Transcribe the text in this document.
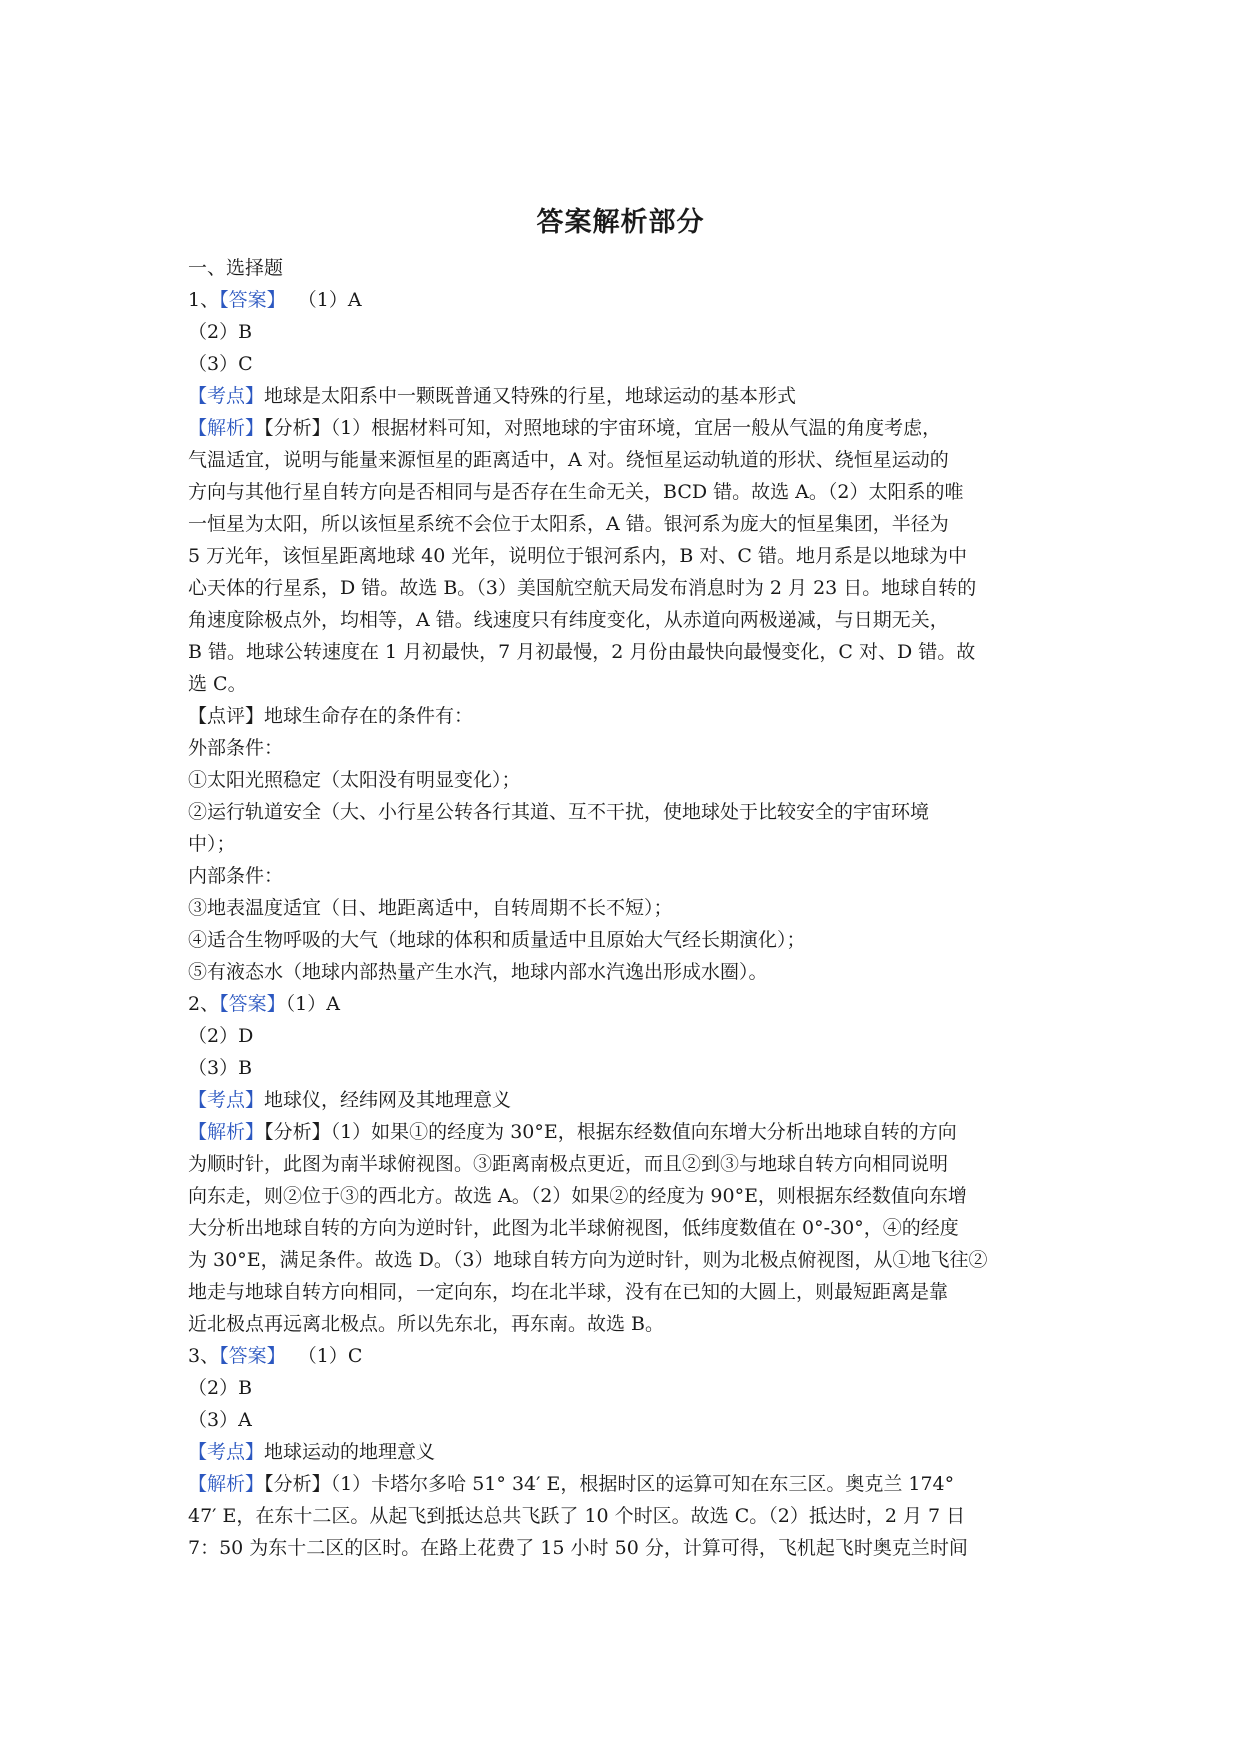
答案解析部分
一、选择题
1、【答案】 （1）A
（2）B
（3）C
【考点】地球是太阳系中一颗既普通又特殊的行星，地球运动的基本形式
【解析】【分析】（1）根据材料可知，对照地球的宇宙环境，宜居一般从气温的角度考虑，
气温适宜，说明与能量来源恒星的距离适中，A 对。绕恒星运动轨道的形状、绕恒星运动的
方向与其他行星自转方向是否相同与是否存在生命无关，BCD 错。故选 A。（2）太阳系的唯
一恒星为太阳，所以该恒星系统不会位于太阳系，A 错。银河系为庞大的恒星集团，半径为
5 万光年，该恒星距离地球 40 光年，说明位于银河系内，B 对、C 错。地月系是以地球为中
心天体的行星系，D 错。故选 B。（3）美国航空航天局发布消息时为 2 月 23 日。地球自转的
角速度除极点外，均相等，A 错。线速度只有纬度变化，从赤道向两极递减，与日期无关，
B 错。地球公转速度在 1 月初最快，7 月初最慢，2 月份由最快向最慢变化，C 对、D 错。故
选 C。
【点评】地球生命存在的条件有：
外部条件：
①太阳光照稳定（太阳没有明显变化）；
②运行轨道安全（大、小行星公转各行其道、互不干扰，使地球处于比较安全的宇宙环境
中）；
内部条件：
③地表温度适宜（日、地距离适中，自转周期不长不短）；
④适合生物呼吸的大气（地球的体积和质量适中且原始大气经长期演化）；
⑤有液态水（地球内部热量产生水汽，地球内部水汽逸出形成水圈）。
2、【答案】（1）A
（2）D
（3）B
【考点】地球仪，经纬网及其地理意义
【解析】【分析】（1）如果①的经度为 30°E，根据东经数值向东增大分析出地球自转的方向
为顺时针，此图为南半球俯视图。③距离南极点更近，而且②到③与地球自转方向相同说明
向东走，则②位于③的西北方。故选 A。（2）如果②的经度为 90°E，则根据东经数值向东增
大分析出地球自转的方向为逆时针，此图为北半球俯视图，低纬度数值在 0°-30°，④的经度
为 30°E，满足条件。故选 D。（3）地球自转方向为逆时针，则为北极点俯视图，从①地飞往②
地走与地球自转方向相同，一定向东，均在北半球，没有在已知的大圆上，则最短距离是靠
近北极点再远离北极点。所以先东北，再东南。故选 B。
3、【答案】 （1）C
（2）B
（3）A
【考点】地球运动的地理意义
【解析】【分析】（1）卡塔尔多哈 51° 34′ E，根据时区的运算可知在东三区。奥克兰 174°
47′ E，在东十二区。从起飞到抵达总共飞跃了 10 个时区。故选 C。（2）抵达时，2 月 7 日
7：50 为东十二区的区时。在路上花费了 15 小时 50 分，计算可得，飞机起飞时奥克兰时间
